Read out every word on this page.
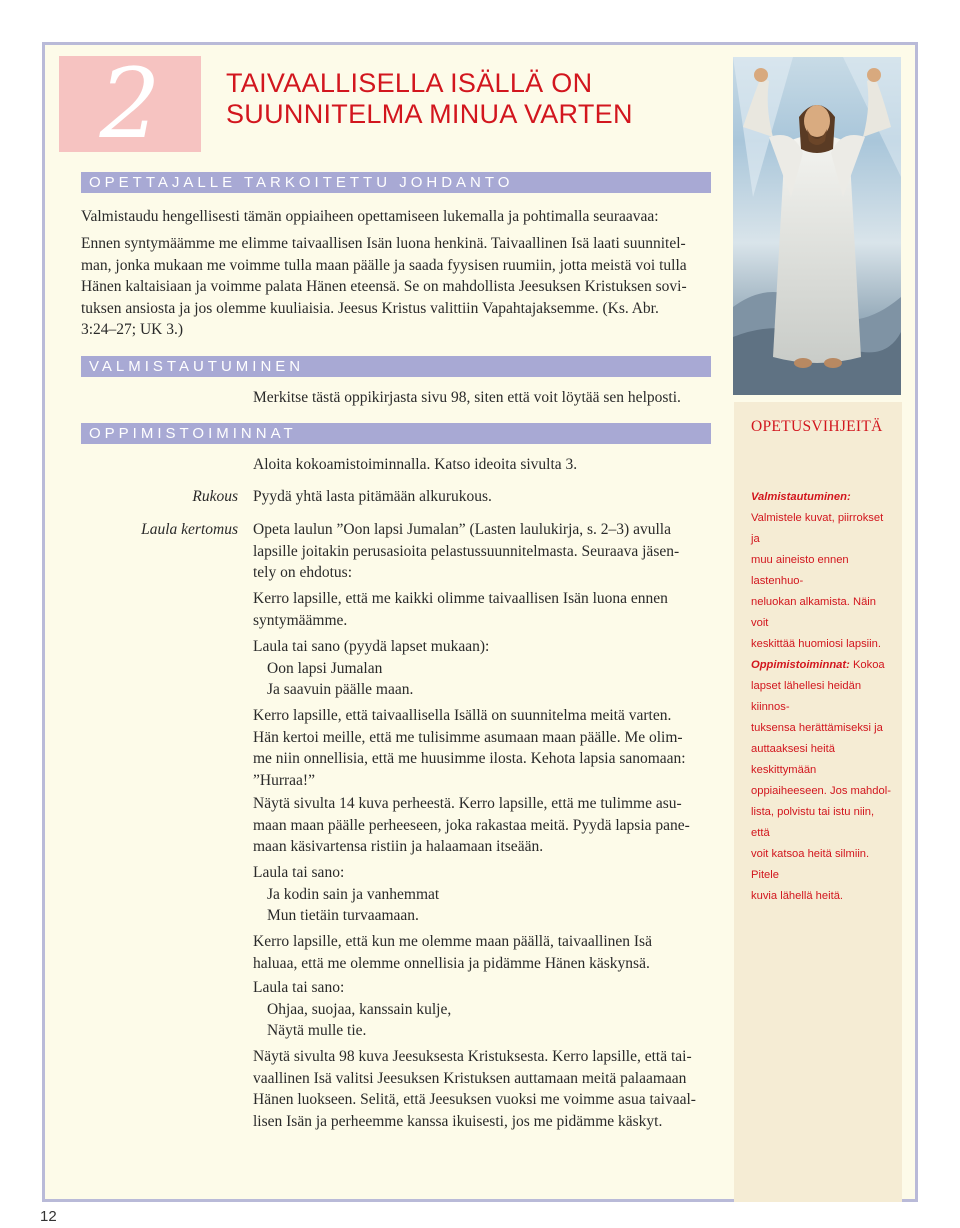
2	TAIVAALLISELLA ISÄLLÄ ON
SUUNNITELMA MINUA VARTEN
OPETTAJALLE TARKOITETTU JOHDANTO
Valmistaudu hengellisesti tämän oppiaiheen opettamiseen lukemalla ja pohtimalla seuraavaa:
Ennen syntymäämme me elimme taivaallisen Isän luona henkinä. Taivaallinen Isä laati suunnitel-
man, jonka mukaan me voimme tulla maan päälle ja saada fyysisen ruumiin, jotta meistä voi tulla
Hänen kaltaisiaan ja voimme palata Hänen eteensä. Se on mahdollista Jeesuksen Kristuksen sovi-
tuksen ansiosta ja jos olemme kuuliaisia. Jeesus Kristus valittiin Vapahtajaksemme. (Ks. Abr.
3:24–27; UK 3.)
VALMISTAUTUMINEN
Merkitse tästä oppikirjasta sivu 98, siten että voit löytää sen helposti.
OPPIMISTOIMINNAT
Aloita kokoamistoiminnalla. Katso ideoita sivulta 3.
Rukous Pyydä yhtä lasta pitämään alkurukous.
Laula kertomus Opeta laulun ”Oon lapsi Jumalan” (Lasten laulukirja, s. 2–3) avulla
lapsille joitakin perusasioita pelastussuunnitelmasta. Seuraava jäsen-
tely on ehdotus:
Kerro lapsille, että me kaikki olimme taivaallisen Isän luona ennen
syntymäämme.
Laula tai sano (pyydä lapset mukaan):
Oon lapsi Jumalan
Ja saavuin päälle maan.
Kerro lapsille, että taivaallisella Isällä on suunnitelma meitä varten.
Hän kertoi meille, että me tulisimme asumaan maan päälle. Me olim-
me niin onnellisia, että me huusimme ilosta. Kehota lapsia sanomaan:
”Hurraa!”
Näytä sivulta 14 kuva perheestä. Kerro lapsille, että me tulimme asu-
maan maan päälle perheeseen, joka rakastaa meitä. Pyydä lapsia pane-
maan käsivartensa ristiin ja halaamaan itseään.
Laula tai sano:
Ja kodin sain ja vanhemmat
Mun tietäin turvaamaan.
Kerro lapsille, että kun me olemme maan päällä, taivaallinen Isä
haluaa, että me olemme onnellisia ja pidämme Hänen käskynsä.
Laula tai sano:
Ohjaa, suojaa, kanssain kulje,
Näytä mulle tie.
Näytä sivulta 98 kuva Jeesuksesta Kristuksesta. Kerro lapsille, että tai-
vaallinen Isä valitsi Jeesuksen Kristuksen auttamaan meitä palaamaan
Hänen luokseen. Selitä, että Jeesuksen vuoksi me voimme asua taivaal-
lisen Isän ja perheemme kanssa ikuisesti, jos me pidämme käskyt.
OPETUSVIHJEITÄ
Valmistautuminen:
Valmistele kuvat, piirrokset ja
muu aineisto ennen lastenhuo-
neluokan alkamista. Näin voit
keskittää huomiosi lapsiin.
Oppimistoiminnat: Kokoa
lapset lähellesi heidän kiinnos-
tuksensa herättämiseksi ja
auttaaksesi heitä keskittymään
oppiaiheeseen. Jos mahdol-
lista, polvistu tai istu niin, että
voit katsoa heitä silmiin. Pitele
kuvia lähellä heitä.
12
